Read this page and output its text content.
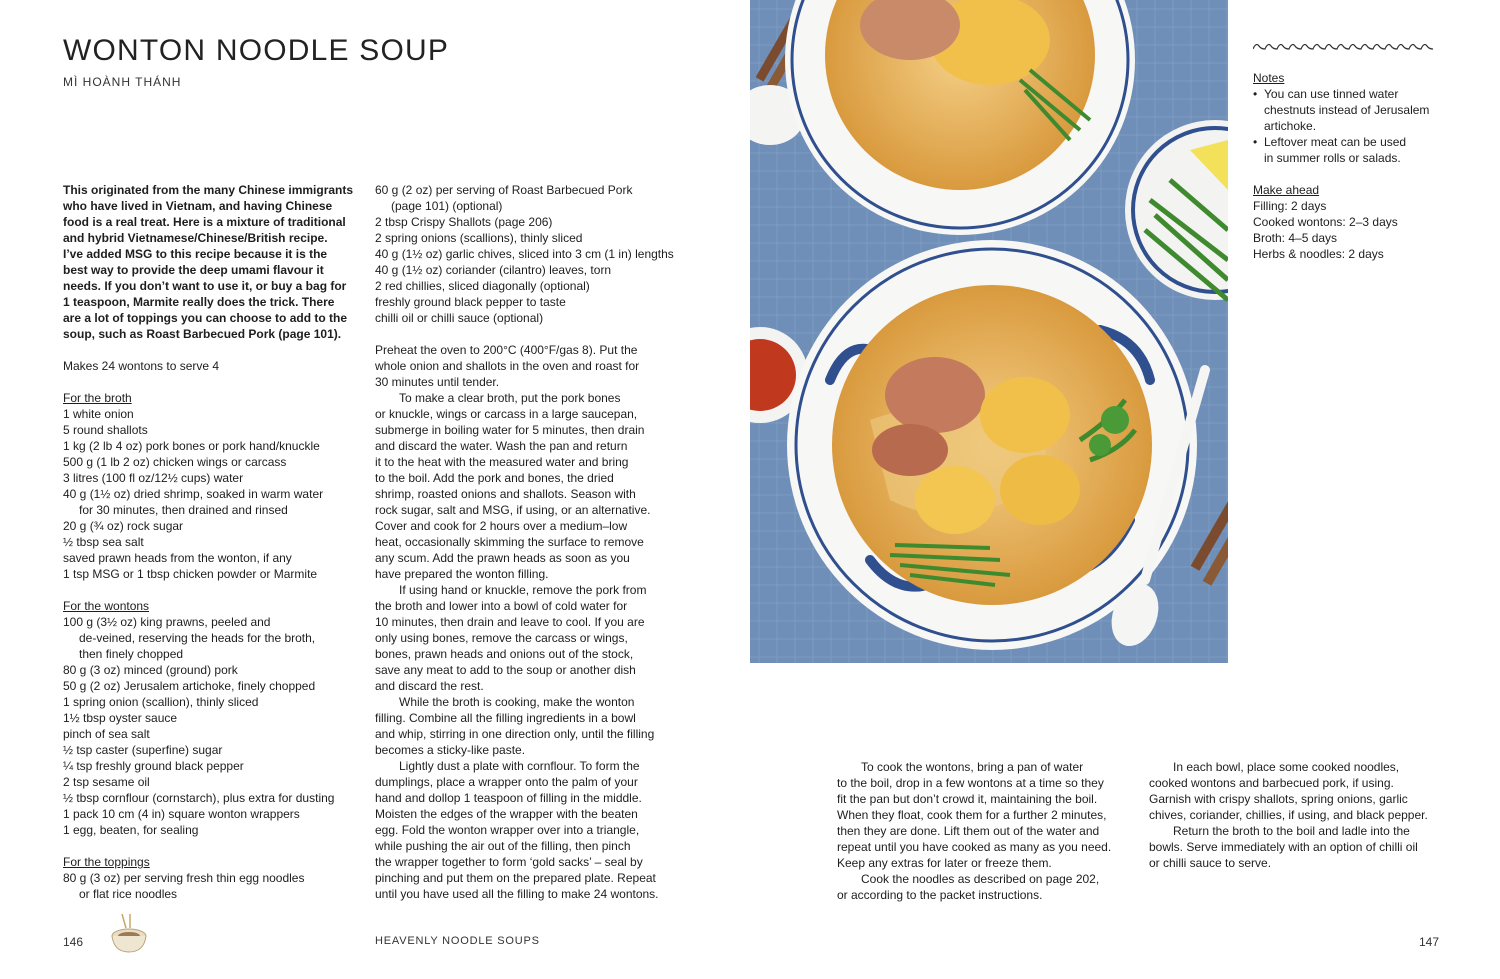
WONTON NOODLE SOUP
MÌ HOÀNH THÁNH
This originated from the many Chinese immigrants
who have lived in Vietnam, and having Chinese
food is a real treat. Here is a mixture of traditional
and hybrid Vietnamese/Chinese/British recipe.
I’ve added MSG to this recipe because it is the
best way to provide the deep umami flavour it
needs. If you don’t want to use it, or buy a bag for
1 teaspoon, Marmite really does the trick. There
are a lot of toppings you can choose to add to the
soup, such as Roast Barbecued Pork (page 101).
Makes 24 wontons to serve 4
For the broth
1 white onion
5 round shallots
1 kg (2 lb 4 oz) pork bones or pork hand/knuckle
500 g (1 lb 2 oz) chicken wings or carcass
3 litres (100 fl oz/12½ cups) water
40 g (1½ oz) dried shrimp, soaked in warm water
for 30 minutes, then drained and rinsed
20 g (¾ oz) rock sugar
½ tbsp sea salt
saved prawn heads from the wonton, if any
1 tsp MSG or 1 tbsp chicken powder or Marmite
For the wontons
100 g (3½ oz) king prawns, peeled and
de-veined, reserving the heads for the broth,
then finely chopped
80 g (3 oz) minced (ground) pork
50 g (2 oz) Jerusalem artichoke, finely chopped
1 spring onion (scallion), thinly sliced
1½ tbsp oyster sauce
pinch of sea salt
½ tsp caster (superfine) sugar
¼ tsp freshly ground black pepper
2 tsp sesame oil
½ tbsp cornflour (cornstarch), plus extra for dusting
1 pack 10 cm (4 in) square wonton wrappers
1 egg, beaten, for sealing
For the toppings
80 g (3 oz) per serving fresh thin egg noodles
or flat rice noodles
60 g (2 oz) per serving of Roast Barbecued Pork
(page 101) (optional)
2 tbsp Crispy Shallots (page 206)
2 spring onions (scallions), thinly sliced
40 g (1½ oz) garlic chives, sliced into 3 cm (1 in) lengths
40 g (1½ oz) coriander (cilantro) leaves, torn
2 red chillies, sliced diagonally (optional)
freshly ground black pepper to taste
chilli oil or chilli sauce (optional)
Preheat the oven to 200°C (400°F/gas 8). Put the
whole onion and shallots in the oven and roast for
30 minutes until tender.
To make a clear broth, put the pork bones
or knuckle, wings or carcass in a large saucepan,
submerge in boiling water for 5 minutes, then drain
and discard the water. Wash the pan and return
it to the heat with the measured water and bring
to the boil. Add the pork and bones, the dried
shrimp, roasted onions and shallots. Season with
rock sugar, salt and MSG, if using, or an alternative.
Cover and cook for 2 hours over a medium–low
heat, occasionally skimming the surface to remove
any scum. Add the prawn heads as soon as you
have prepared the wonton filling.
If using hand or knuckle, remove the pork from
the broth and lower into a bowl of cold water for
10 minutes, then drain and leave to cool. If you are
only using bones, remove the carcass or wings,
bones, prawn heads and onions out of the stock,
save any meat to add to the soup or another dish
and discard the rest.
While the broth is cooking, make the wonton
filling. Combine all the filling ingredients in a bowl
and whip, stirring in one direction only, until the filling
becomes a sticky-like paste.
Lightly dust a plate with cornflour. To form the
dumplings, place a wrapper onto the palm of your
hand and dollop 1 teaspoon of filling in the middle.
Moisten the edges of the wrapper with the beaten
egg. Fold the wonton wrapper over into a triangle,
while pushing the air out of the filling, then pinch
the wrapper together to form ‘gold sacks’ – seal by
pinching and put them on the prepared plate. Repeat
until you have used all the filling to make 24 wontons.
Notes
• You can use tinned water
chestnuts instead of Jerusalem
artichoke.
• Leftover meat can be used
in summer rolls or salads.
Make ahead
Filling: 2 days
Cooked wontons: 2–3 days
Broth: 4–5 days
Herbs & noodles: 2 days
To cook the wontons, bring a pan of water
to the boil, drop in a few wontons at a time so they
fit the pan but don’t crowd it, maintaining the boil.
When they float, cook them for a further 2 minutes,
then they are done. Lift them out of the water and
repeat until you have cooked as many as you need.
Keep any extras for later or freeze them.
Cook the noodles as described on page 202,
or according to the packet instructions.
In each bowl, place some cooked noodles,
cooked wontons and barbecued pork, if using.
Garnish with crispy shallots, spring onions, garlic
chives, coriander, chillies, if using, and black pepper.
Return the broth to the boil and ladle into the
bowls. Serve immediately with an option of chilli oil
or chilli sauce to serve.
146	HEAVENLY NOODLE SOUPS	147
